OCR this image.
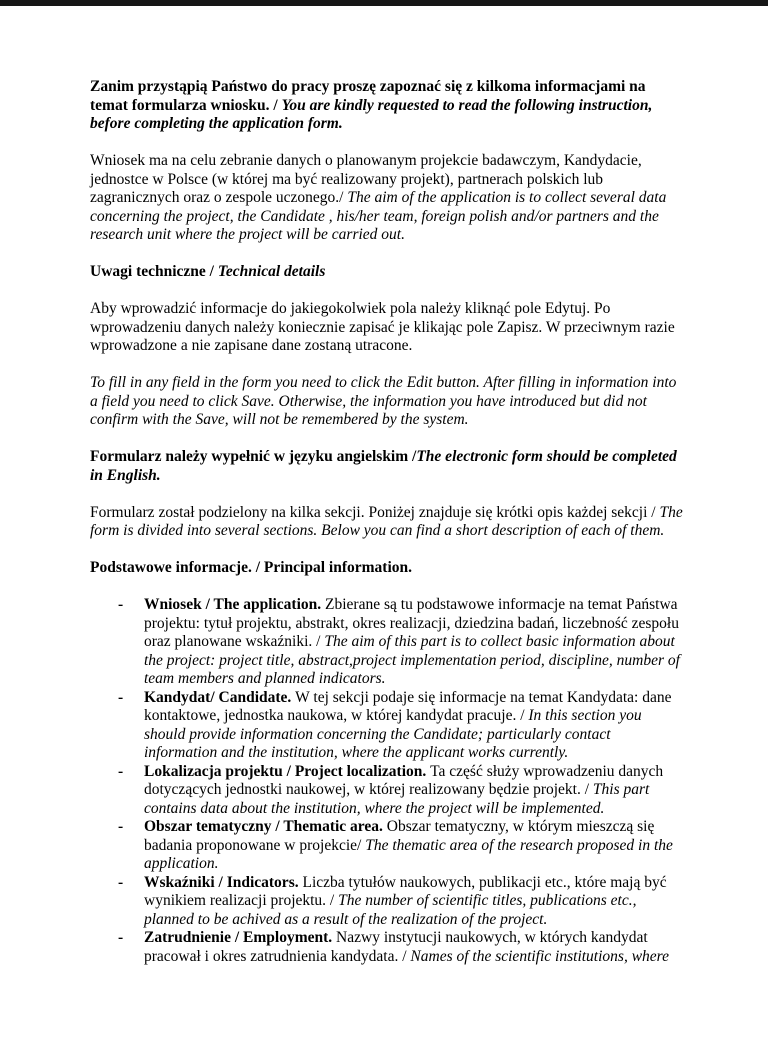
Zanim przystąpią Państwo do pracy proszę zapoznać się z kilkoma informacjami na temat formularza wniosku. / You are kindly requested to read the following instruction, before completing the application form.

Wniosek ma na celu zebranie danych o planowanym projekcie badawczym, Kandydacie, jednostce w Polsce (w której ma być realizowany projekt), partnerach polskich lub zagranicznych oraz o zespole uczonego./ The aim of the application is to collect several data concerning the project, the Candidate , his/her team, foreign polish and/or partners and the research unit where the project will be carried out.

Uwagi techniczne / Technical details

Aby wprowadzić informacje do jakiegokolwiek pola należy kliknąć pole Edytuj. Po wprowadzeniu danych należy koniecznie zapisać je klikając pole Zapisz. W przeciwnym razie wprowadzone a nie zapisane dane zostaną utracone.

To fill in any field in the form you need to click the Edit button. After filling in information into a field you need to click Save. Otherwise, the information you have introduced but did not confirm with the Save, will not be remembered by the system.

Formularz należy wypełnić w języku angielskim /The electronic form should be completed in English.

Formularz został podzielony na kilka sekcji. Poniżej znajduje się krótki opis każdej sekcji / The form is divided into several sections. Below you can find a short description of each of them.

Podstawowe informacje. / Principal information.

-	Wniosek / The application. Zbierane są tu podstawowe informacje na temat Państwa projektu: tytuł projektu, abstrakt, okres realizacji, dziedzina badań, liczebność zespołu oraz planowane wskaźniki. / The aim of this part is to collect basic information about the project: project title, abstract,project implementation period, discipline, number of team members and planned indicators.
-	Kandydat/ Candidate. W tej sekcji podaje się informacje na temat Kandydata: dane kontaktowe, jednostka naukowa, w której kandydat pracuje. / In this section you should provide information concerning the Candidate; particularly contact information and the institution, where the applicant works currently.
-	Lokalizacja projektu / Project localization. Ta część służy wprowadzeniu danych dotyczących jednostki naukowej, w której realizowany będzie projekt. / This part contains data about the institution, where the project will be implemented.
-	Obszar tematyczny / Thematic area. Obszar tematyczny, w którym mieszczą się badania proponowane w projekcie/ The thematic area of the research proposed in the application.
-	Wskaźniki / Indicators. Liczba tytułów naukowych, publikacji etc., które mają być wynikiem realizacji projektu. / The number of scientific titles, publications etc., planned to be achived as a result of the realization of the project.
-	Zatrudnienie / Employment. Nazwy instytucji naukowych, w których kandydat pracował i okres zatrudnienia kandydata. / Names of the scientific institutions, where
